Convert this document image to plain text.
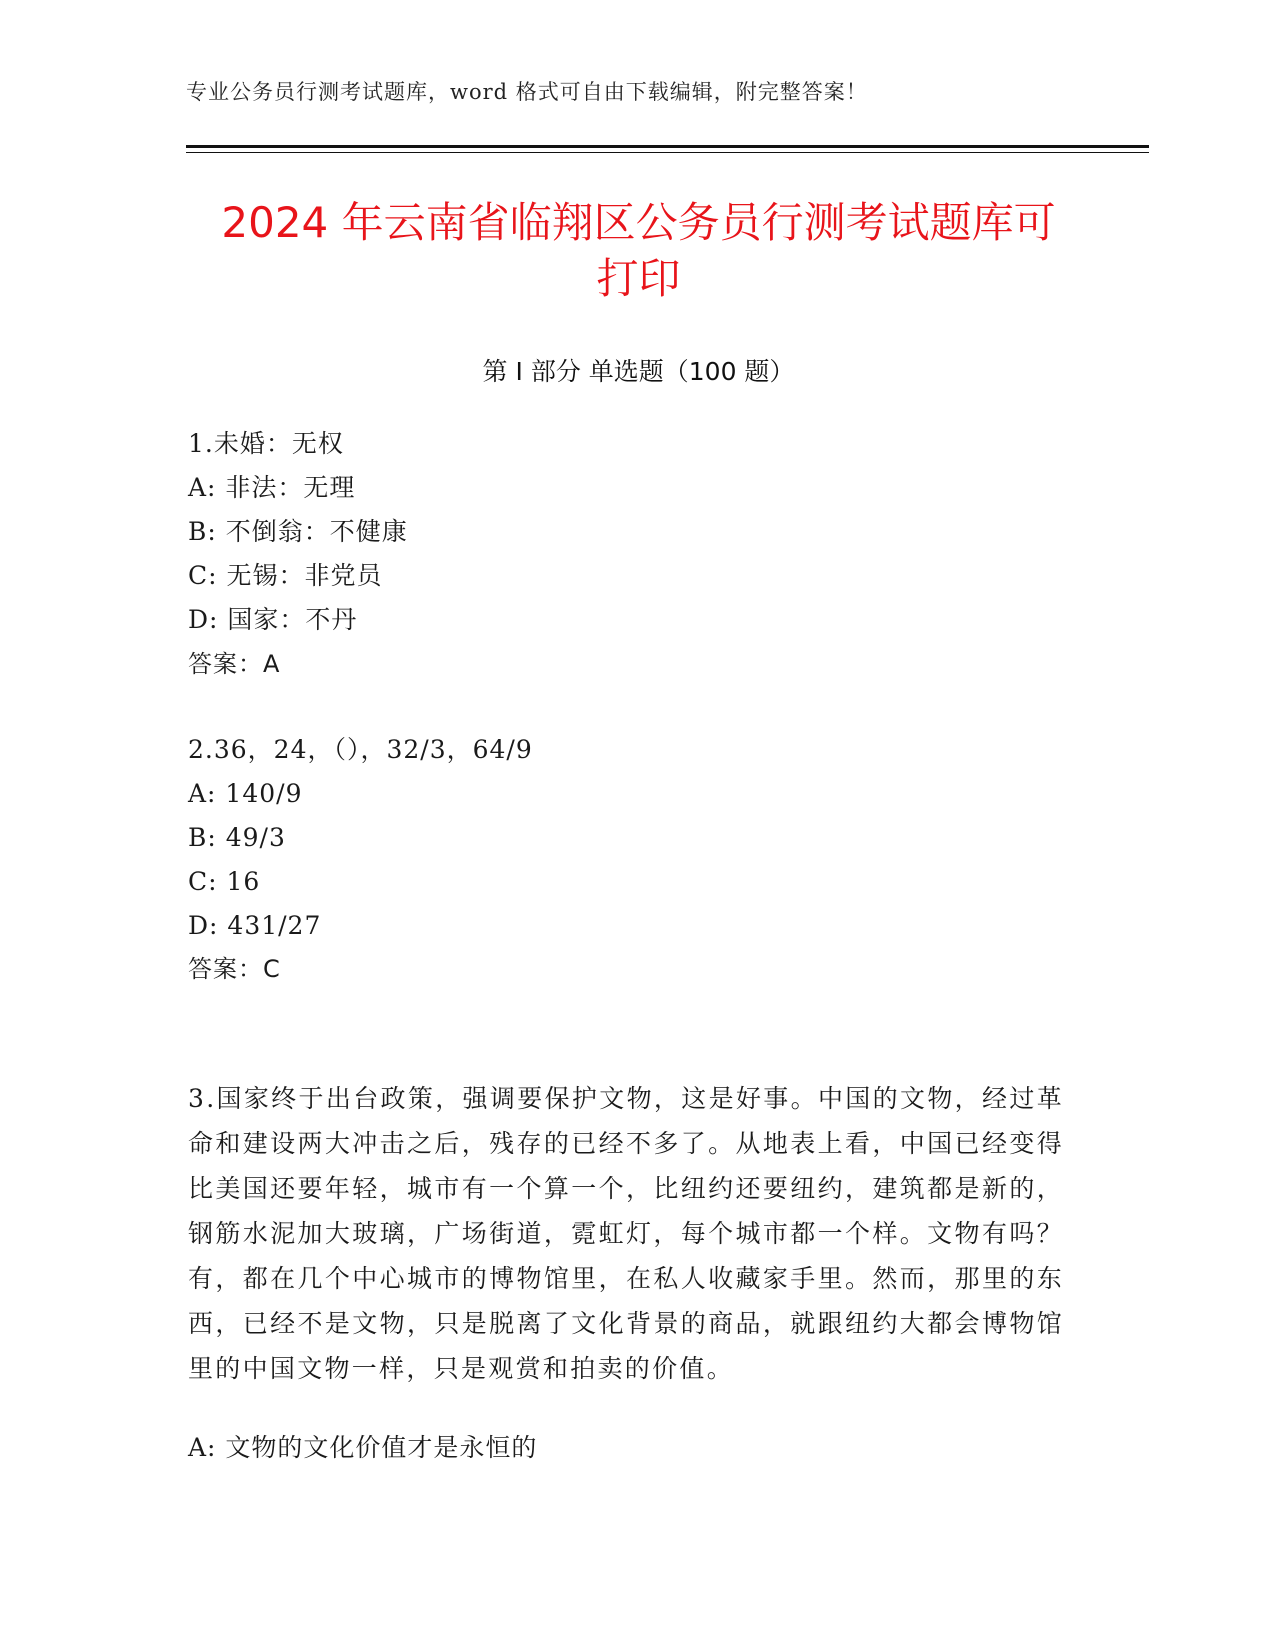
专业公务员行测考试题库，word 格式可自由下载编辑，附完整答案！
2024 年云南省临翔区公务员行测考试题库可
打印
第 I 部分 单选题（100 题）
1.未婚：无权
A: 非法：无理
B: 不倒翁：不健康
C: 无锡：非党员
D: 国家：不丹
答案：A
2.36，24，（），32/3，64/9
A: 140/9
B: 49/3
C: 16
D: 431/27
答案：C
3.国家终于出台政策，强调要保护文物，这是好事。中国的文物，经过革命和建设两大冲击之后，残存的已经不多了。从地表上看，中国已经变得比美国还要年轻，城市有一个算一个，比纽约还要纽约，建筑都是新的，钢筋水泥加大玻璃，广场街道，霓虹灯，每个城市都一个样。文物有吗？有，都在几个中心城市的博物馆里，在私人收藏家手里。然而，那里的东西，已经不是文物，只是脱离了文化背景的商品，就跟纽约大都会博物馆里的中国文物一样，只是观赏和拍卖的价值。
A: 文物的文化价值才是永恒的
